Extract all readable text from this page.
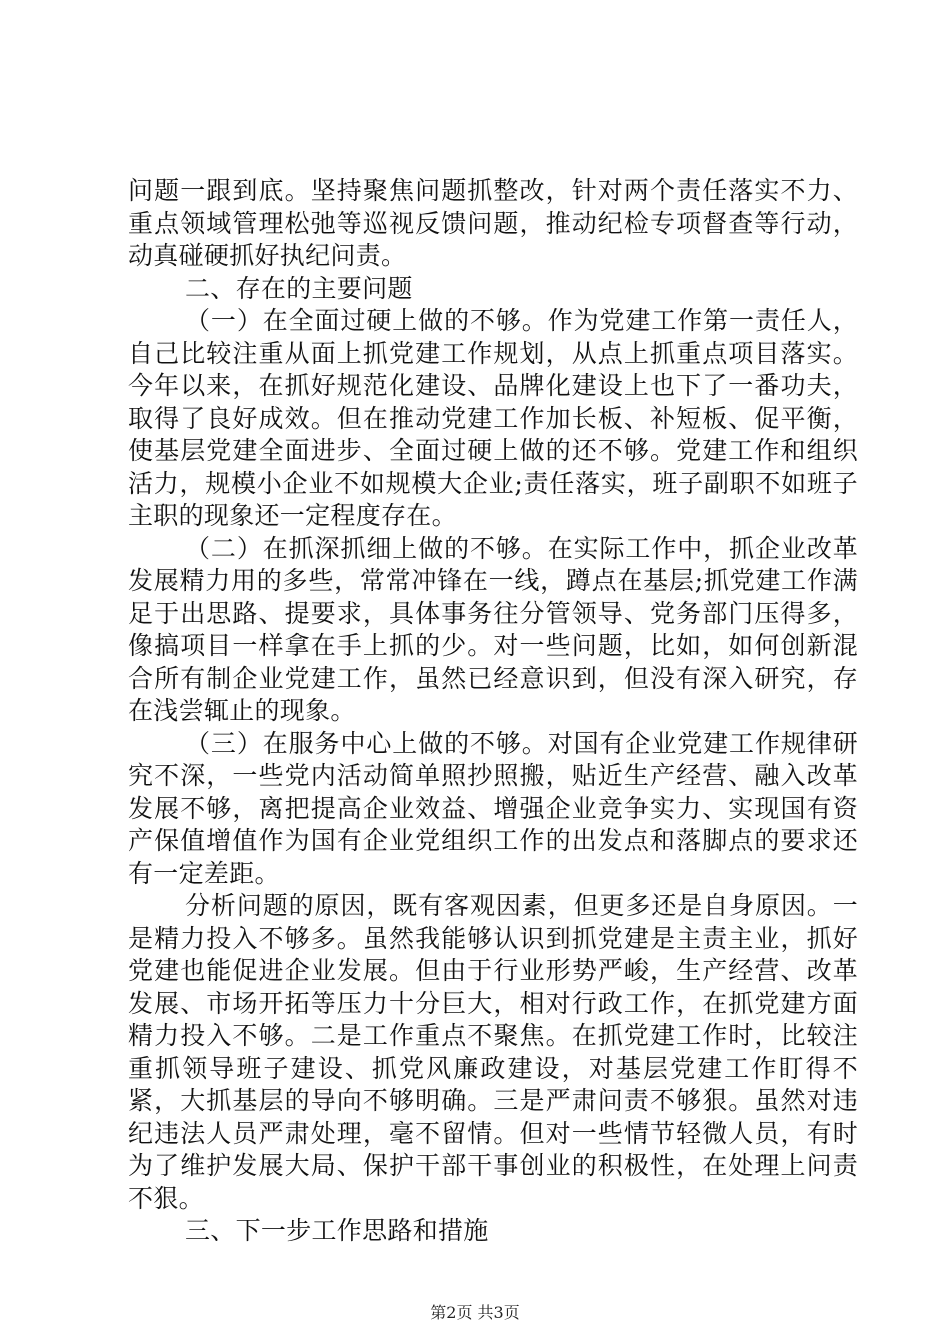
问题一跟到底。坚持聚焦问题抓整改，针对两个责任落实不力、重点领域管理松弛等巡视反馈问题，推动纪检专项督查等行动，动真碰硬抓好执纪问责。

二、存在的主要问题

（一）在全面过硬上做的不够。作为党建工作第一责任人，自己比较注重从面上抓党建工作规划，从点上抓重点项目落实。今年以来，在抓好规范化建设、品牌化建设上也下了一番功夫，取得了良好成效。但在推动党建工作加长板、补短板、促平衡，使基层党建全面进步、全面过硬上做的还不够。党建工作和组织活力，规模小企业不如规模大企业;责任落实，班子副职不如班子主职的现象还一定程度存在。

（二）在抓深抓细上做的不够。在实际工作中，抓企业改革发展精力用的多些，常常冲锋在一线，蹲点在基层;抓党建工作满足于出思路、提要求，具体事务往分管领导、党务部门压得多，像搞项目一样拿在手上抓的少。对一些问题，比如，如何创新混合所有制企业党建工作，虽然已经意识到，但没有深入研究，存在浅尝辄止的现象。

（三）在服务中心上做的不够。对国有企业党建工作规律研究不深，一些党内活动简单照抄照搬，贴近生产经营、融入改革发展不够，离把提高企业效益、增强企业竞争实力、实现国有资产保值增值作为国有企业党组织工作的出发点和落脚点的要求还有一定差距。

分析问题的原因，既有客观因素，但更多还是自身原因。一是精力投入不够多。虽然我能够认识到抓党建是主责主业，抓好党建也能促进企业发展。但由于行业形势严峻，生产经营、改革发展、市场开拓等压力十分巨大，相对行政工作，在抓党建方面精力投入不够。二是工作重点不聚焦。在抓党建工作时，比较注重抓领导班子建设、抓党风廉政建设，对基层党建工作盯得不紧，大抓基层的导向不够明确。三是严肃问责不够狠。虽然对违纪违法人员严肃处理，毫不留情。但对一些情节轻微人员，有时为了维护发展大局、保护干部干事创业的积极性，在处理上问责不狠。

三、下一步工作思路和措施

第2页 共3页
